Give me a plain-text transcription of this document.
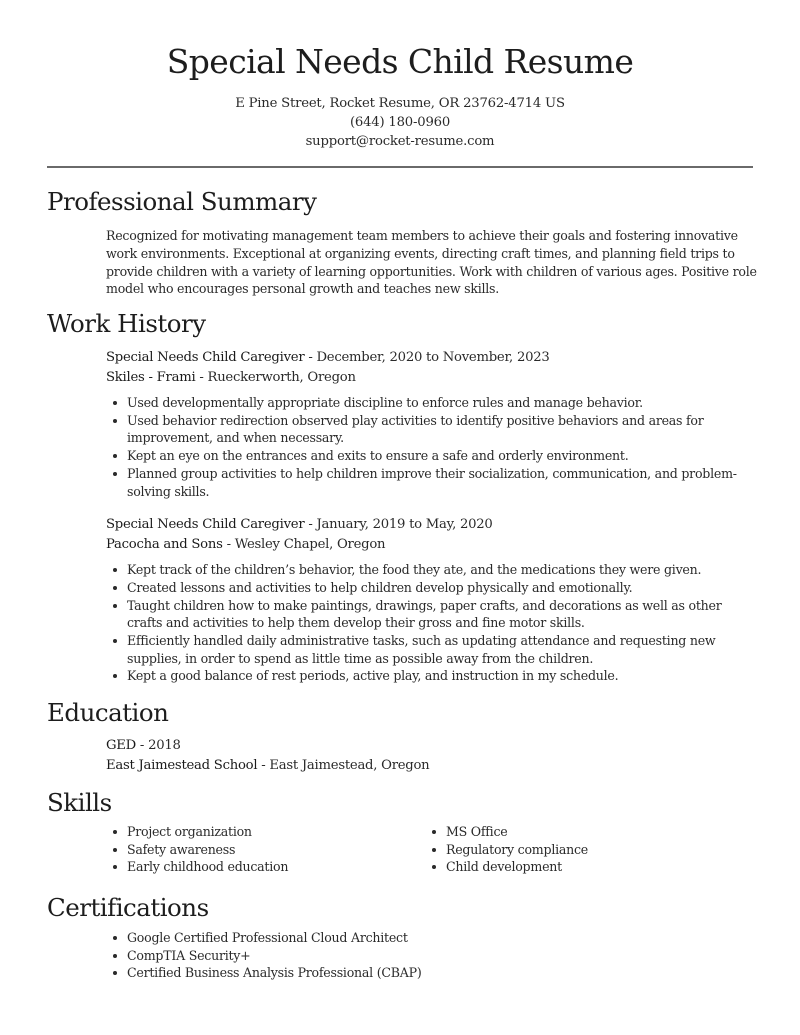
Special Needs Child Resume
E Pine Street, Rocket Resume, OR 23762-4714 US
(644) 180-0960
support@rocket-resume.com
Professional Summary

Recognized for motivating management team members to achieve their goals and fostering innovative work environments. Exceptional at organizing events, directing craft times, and planning field trips to provide children with a variety of learning opportunities. Work with children of various ages. Positive role model who encourages personal growth and teaches new skills.

Work History
Special Needs Child Caregiver - December, 2020 to November, 2023
Skiles - Frami - Rueckerworth, Oregon
Used developmentally appropriate discipline to enforce rules and manage behavior.
Used behavior redirection observed play activities to identify positive behaviors and areas for improvement, and when necessary.
Kept an eye on the entrances and exits to ensure a safe and orderly environment.
Planned group activities to help children improve their socialization, communication, and problem-solving skills.
Special Needs Child Caregiver - January, 2019 to May, 2020
Pacocha and Sons - Wesley Chapel, Oregon
Kept track of the children’s behavior, the food they ate, and the medications they were given.
Created lessons and activities to help children develop physically and emotionally.
Taught children how to make paintings, drawings, paper crafts, and decorations as well as other crafts and activities to help them develop their gross and fine motor skills.
Efficiently handled daily administrative tasks, such as updating attendance and requesting new supplies, in order to spend as little time as possible away from the children.
Kept a good balance of rest periods, active play, and instruction in my schedule.
Education
GED - 2018
East Jaimestead School - East Jaimestead, Oregon
Skills
Project organization
Safety awareness
Early childhood education
MS Office
Regulatory compliance
Child development
Certifications
Google Certified Professional Cloud Architect
CompTIA Security+
Certified Business Analysis Professional (CBAP)
